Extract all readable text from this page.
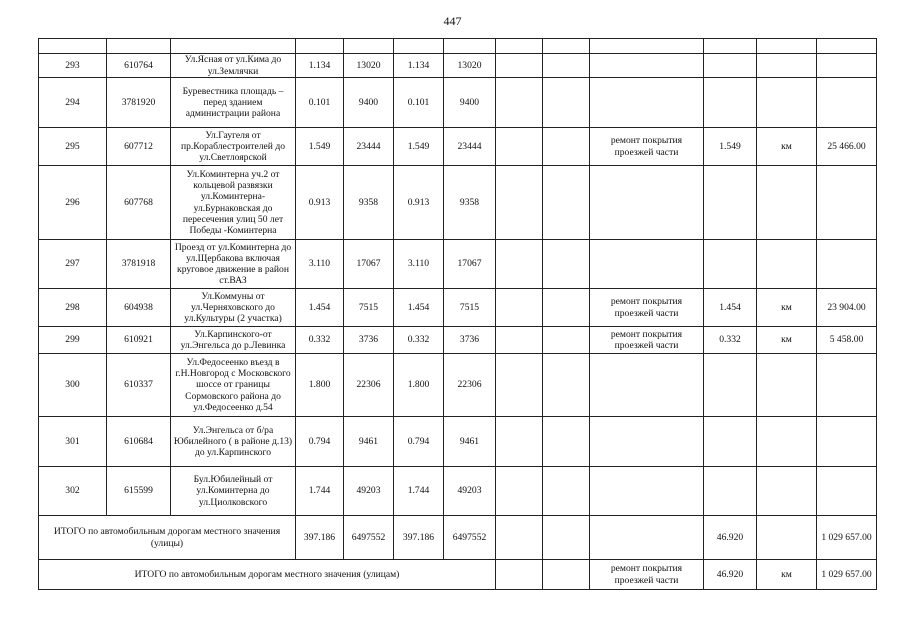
447

293	610764	Ул.Ясная от ул.Кима до ул.Землячки	1.134	13020	1.134	13020						
294	3781920	Буревестника площадь – перед зданием администрации района	0.101	9400	0.101	9400						
295	607712	Ул.Гаугеля от пр.Кораблестроителей до ул.Светлоярской	1.549	23444	1.549	23444			ремонт покрытия проезжей части	1.549	км	25 466.00
296	607768	Ул.Коминтерна уч.2 от кольцевой развязки ул.Коминтерна-ул.Бурнаковская до пересечения улиц 50 лет Победы -Коминтерна	0.913	9358	0.913	9358						
297	3781918	Проезд от ул.Коминтерна до ул.Щербакова включая круговое движение в район ст.ВАЗ	3.110	17067	3.110	17067						
298	604938	Ул.Коммуны от ул.Черняховского до ул.Культуры (2 участка)	1.454	7515	1.454	7515			ремонт покрытия проезжей части	1.454	км	23 904.00
299	610921	Ул.Карпинского-от ул.Энгельса до р.Левинка	0.332	3736	0.332	3736			ремонт покрытия проезжей части	0.332	км	5 458.00
300	610337	Ул.Федосеенко въезд в г.Н.Новгород с Московского шоссе от границы Сормовского района до ул.Федосеенко д.54	1.800	22306	1.800	22306						
301	610684	Ул.Энгельса от б/ра Юбилейного ( в районе д.13) до ул.Карпинского	0.794	9461	0.794	9461						
302	615599	Бул.Юбилейный от ул.Коминтерна до ул.Циолковского	1.744	49203	1.744	49203						
ИТОГО по автомобильным дорогам местного значения (улицы)			397.186	6497552	397.186	6497552				46.920		1 029 657.00
ИТОГО по автомобильным дорогам местного значения (улицам)									ремонт покрытия проезжей части	46.920	км	1 029 657.00
